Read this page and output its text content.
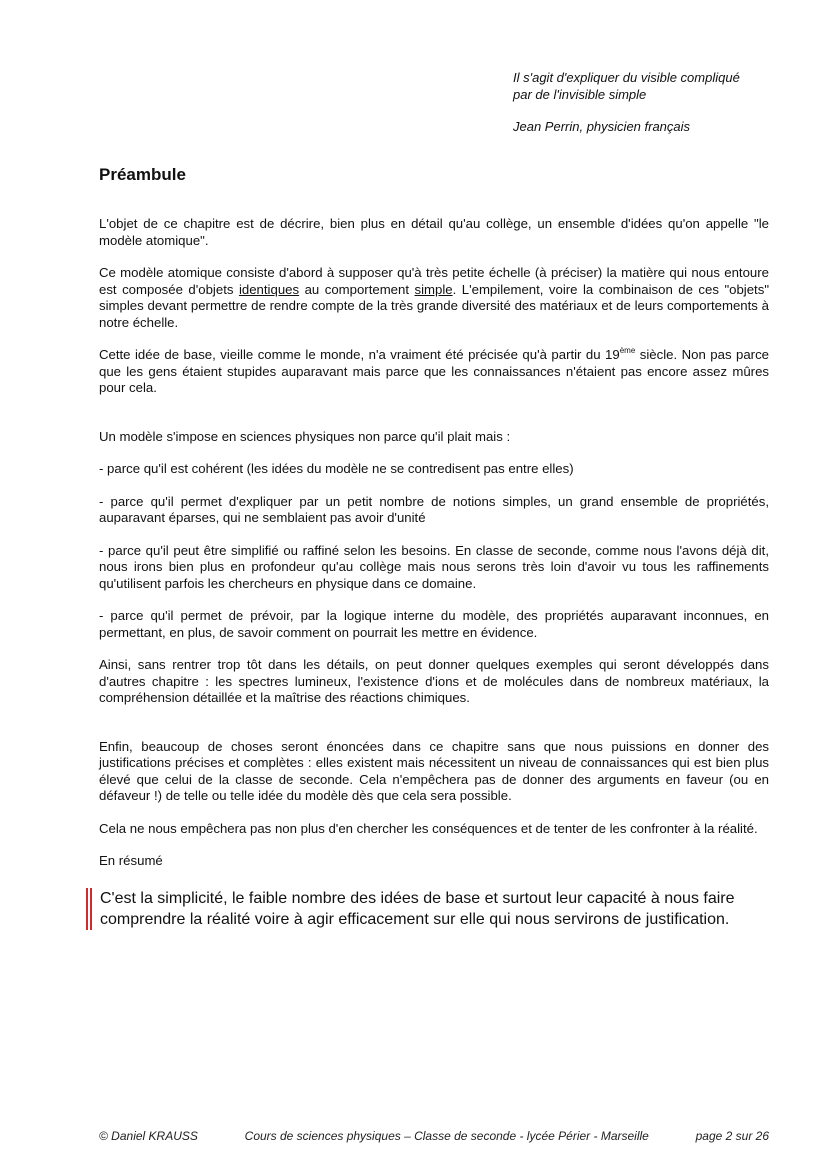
Il s'agit d'expliquer du visible compliqué

par de l'invisible simple

Jean Perrin, physicien français

Préambule

L'objet de ce chapitre est de décrire, bien plus en détail qu'au collège, un ensemble d'idées qu'on appelle "le modèle atomique".

Ce modèle atomique consiste d'abord à supposer qu'à très petite échelle (à préciser) la matière qui nous entoure est composée d'objets identiques au comportement simple. L'empilement, voire la combinaison de ces "objets" simples devant permettre de rendre compte de la très grande diversité des matériaux et de leurs comportements à notre échelle.

Cette idée de base, vieille comme le monde, n'a vraiment été précisée qu'à partir du 19ème siècle. Non pas parce que les gens étaient stupides auparavant mais parce que les connaissances n'étaient pas encore assez mûres pour cela.

Un modèle s'impose en sciences physiques non parce qu'il plait mais :

- parce qu'il est cohérent (les idées du modèle ne se contredisent pas entre elles)

- parce qu'il permet d'expliquer par un petit nombre de notions simples, un grand ensemble de propriétés, auparavant éparses, qui ne semblaient pas avoir d'unité

- parce qu'il peut être simplifié ou raffiné selon les besoins. En classe de seconde, comme nous l'avons déjà dit, nous irons bien plus en profondeur qu'au collège mais nous serons très loin d'avoir vu tous les raffinements qu'utilisent parfois les chercheurs en physique dans ce domaine.

- parce qu'il permet de prévoir, par la logique interne du modèle, des propriétés auparavant inconnues, en permettant, en plus, de savoir comment on pourrait les mettre en évidence.

Ainsi, sans rentrer trop tôt dans les détails, on peut donner quelques exemples qui seront développés dans d'autres chapitre : les spectres lumineux, l'existence d'ions et de molécules dans de nombreux matériaux, la compréhension détaillée et la maîtrise des réactions chimiques.

Enfin, beaucoup de choses seront énoncées dans ce chapitre sans que nous puissions en donner des justifications précises et complètes : elles existent mais nécessitent un niveau de connaissances qui est bien plus élevé que celui de la classe de seconde. Cela n'empêchera pas de donner des arguments en faveur (ou en défaveur !) de telle ou telle idée du modèle dès que cela sera possible.

Cela ne nous empêchera pas non plus d'en chercher les conséquences et de tenter de les confronter à la réalité.

En résumé

C'est la simplicité, le faible nombre des idées de base et surtout leur capacité à nous faire comprendre la réalité voire à agir efficacement sur elle qui nous servirons de justification.
© Daniel KRAUSS	Cours de sciences physiques – Classe de seconde - lycée Périer - Marseille	page 2 sur 26
